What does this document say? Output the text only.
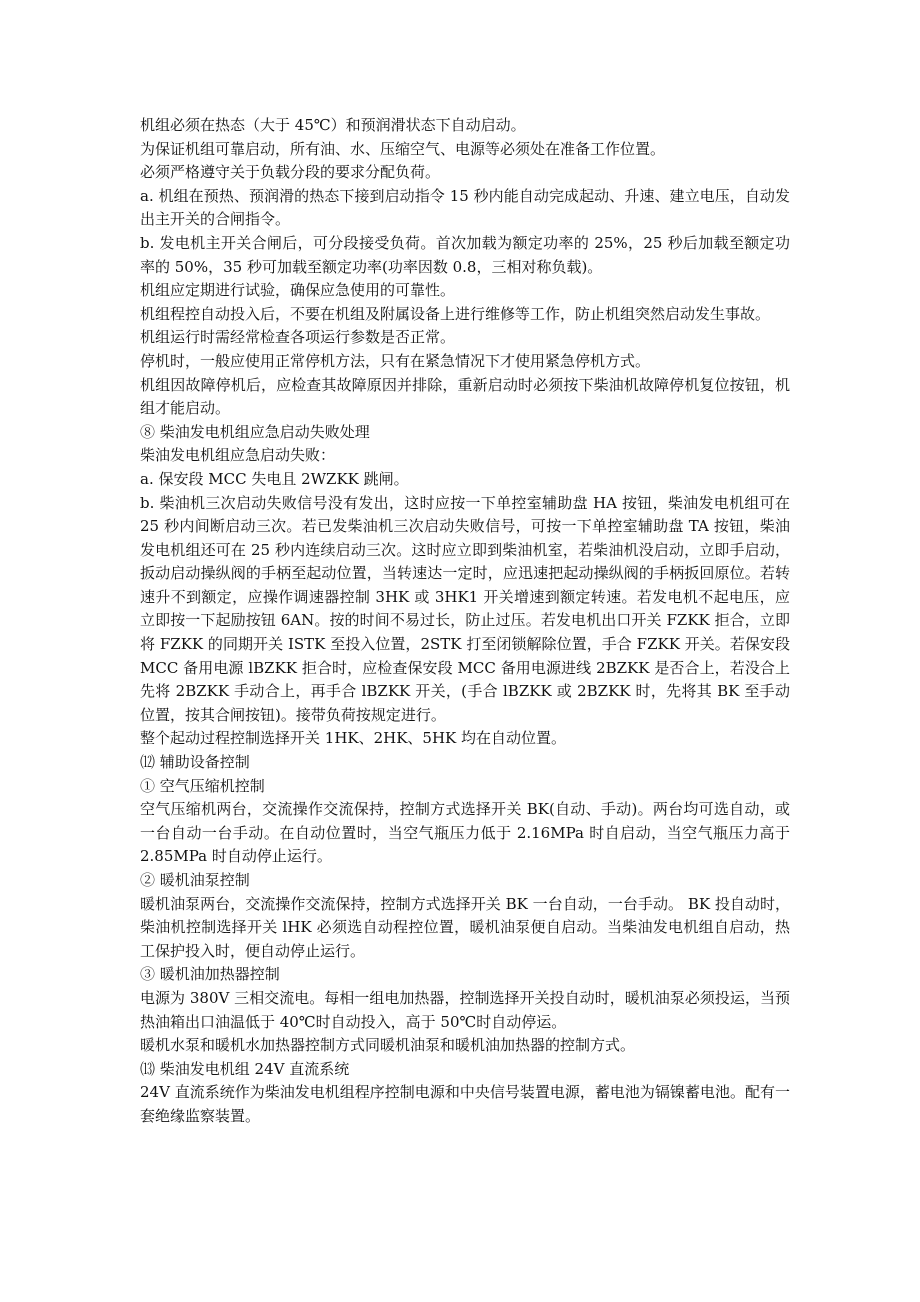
机组必须在热态（大于 45℃）和预润滑状态下自动启动。

为保证机组可靠启动，所有油、水、压缩空气、电源等必须处在准备工作位置。

必须严格遵守关于负载分段的要求分配负荷。

a. 机组在预热、预润滑的热态下接到启动指令 15 秒内能自动完成起动、升速、建立电压，自动发出主开关的合闸指令。

b. 发电机主开关合闸后，可分段接受负荷。首次加载为额定功率的 25%，25 秒后加载至额定功率的 50%，35 秒可加载至额定功率(功率因数 0.8，三相对称负载)。

机组应定期进行试验，确保应急使用的可靠性。

机组程控自动投入后，不要在机组及附属设备上进行维修等工作，防止机组突然启动发生事故。

机组运行时需经常检查各项运行参数是否正常。

停机时，一般应使用正常停机方法，只有在紧急情况下才使用紧急停机方式。

机组因故障停机后，应检查其故障原因并排除，重新启动时必须按下柴油机故障停机复位按钮，机组才能启动。

⑧ 柴油发电机组应急启动失败处理

柴油发电机组应急启动失败：

a. 保安段 MCC 失电且 2WZKK 跳闸。

b. 柴油机三次启动失败信号没有发出，这时应按一下单控室辅助盘 HA 按钮，柴油发电机组可在 25 秒内间断启动三次。若已发柴油机三次启动失败信号，可按一下单控室辅助盘 TA 按钮，柴油发电机组还可在 25 秒内连续启动三次。这时应立即到柴油机室，若柴油机没启动，立即手启动，扳动启动操纵阀的手柄至起动位置，当转速达一定时，应迅速把起动操纵阀的手柄扳回原位。若转速升不到额定，应操作调速器控制 3HK 或 3HK1 开关增速到额定转速。若发电机不起电压，应立即按一下起励按钮 6AN。按的时间不易过长，防止过压。若发电机出口开关 FZKK 拒合，立即将 FZKK 的同期开关 ISTK 至投入位置，2STK 打至闭锁解除位置，手合 FZKK 开关。若保安段 MCC 备用电源 lBZKK 拒合时，应检查保安段 MCC 备用电源进线 2BZKK 是否合上，若没合上先将 2BZKK 手动合上，再手合 lBZKK 开关，(手合 lBZKK 或 2BZKK 时，先将其 BK 至手动位置，按其合闸按钮)。接带负荷按规定进行。

整个起动过程控制选择开关 1HK、2HK、5HK 均在自动位置。

⑿ 辅助设备控制

① 空气压缩机控制

空气压缩机两台，交流操作交流保持，控制方式选择开关 BK(自动、手动)。两台均可选自动，或一台自动一台手动。在自动位置时，当空气瓶压力低于 2.16MPa 时自启动，当空气瓶压力高于 2.85MPa 时自动停止运行。

② 暖机油泵控制

暖机油泵两台，交流操作交流保持，控制方式选择开关 BK 一台自动，一台手动。 BK 投自动时，柴油机控制选择开关 lHK 必须选自动程控位置，暖机油泵便自启动。当柴油发电机组自启动，热工保护投入时，便自动停止运行。

③ 暖机油加热器控制

电源为 380V 三相交流电。每相一组电加热器，控制选择开关投自动时，暖机油泵必须投运，当预热油箱出口油温低于 40℃时自动投入，高于 50℃时自动停运。

暖机水泵和暖机水加热器控制方式同暖机油泵和暖机油加热器的控制方式。

⒀ 柴油发电机组 24V 直流系统

24V 直流系统作为柴油发电机组程序控制电源和中央信号装置电源，蓄电池为镉镍蓄电池。配有一套绝缘监察装置。
